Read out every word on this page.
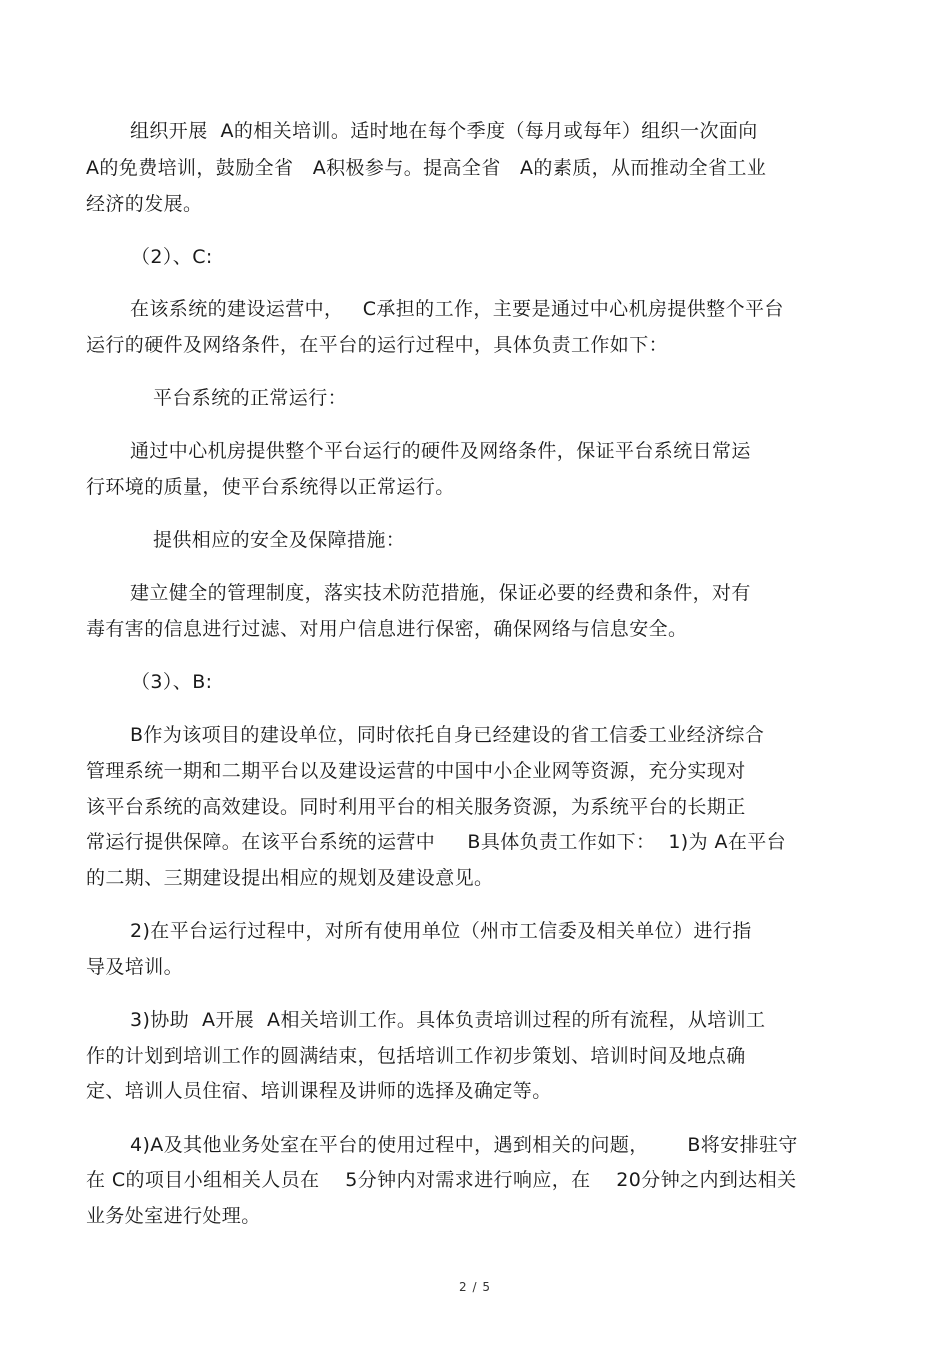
组织开展  A的相关培训。适时地在每个季度（每月或每年）组织一次面向
A的免费培训，鼓励全省   A积极参与。提高全省   A的素质，从而推动全省工业
经济的发展。
（2）、C:
在该系统的建设运营中，   C承担的工作，主要是通过中心机房提供整个平台
运行的硬件及网络条件，在平台的运行过程中，具体负责工作如下：
平台系统的正常运行：
通过中心机房提供整个平台运行的硬件及网络条件，保证平台系统日常运
行环境的质量，使平台系统得以正常运行。
提供相应的安全及保障措施：
建立健全的管理制度，落实技术防范措施，保证必要的经费和条件，对有
毒有害的信息进行过滤、对用户信息进行保密，确保网络与信息安全。
（3）、B:
B作为该项目的建设单位，同时依托自身已经建设的省工信委工业经济综合
管理系统一期和二期平台以及建设运营的中国中小企业网等资源，充分实现对
该平台系统的高效建设。同时利用平台的相关服务资源，为系统平台的长期正
常运行提供保障。在该平台系统的运营中     B具体负责工作如下：  1)为 A在平台
的二期、三期建设提出相应的规划及建设意见。
2)在平台运行过程中，对所有使用单位（州市工信委及相关单位）进行指
导及培训。
3)协助  A开展  A相关培训工作。具体负责培训过程的所有流程，从培训工
作的计划到培训工作的圆满结束，包括培训工作初步策划、培训时间及地点确
定、培训人员住宿、培训课程及讲师的选择及确定等。
4)A及其他业务处室在平台的使用过程中，遇到相关的问题，      B将安排驻守
在 C的项目小组相关人员在    5分钟内对需求进行响应，在    20分钟之内到达相关
业务处室进行处理。
2 / 5
